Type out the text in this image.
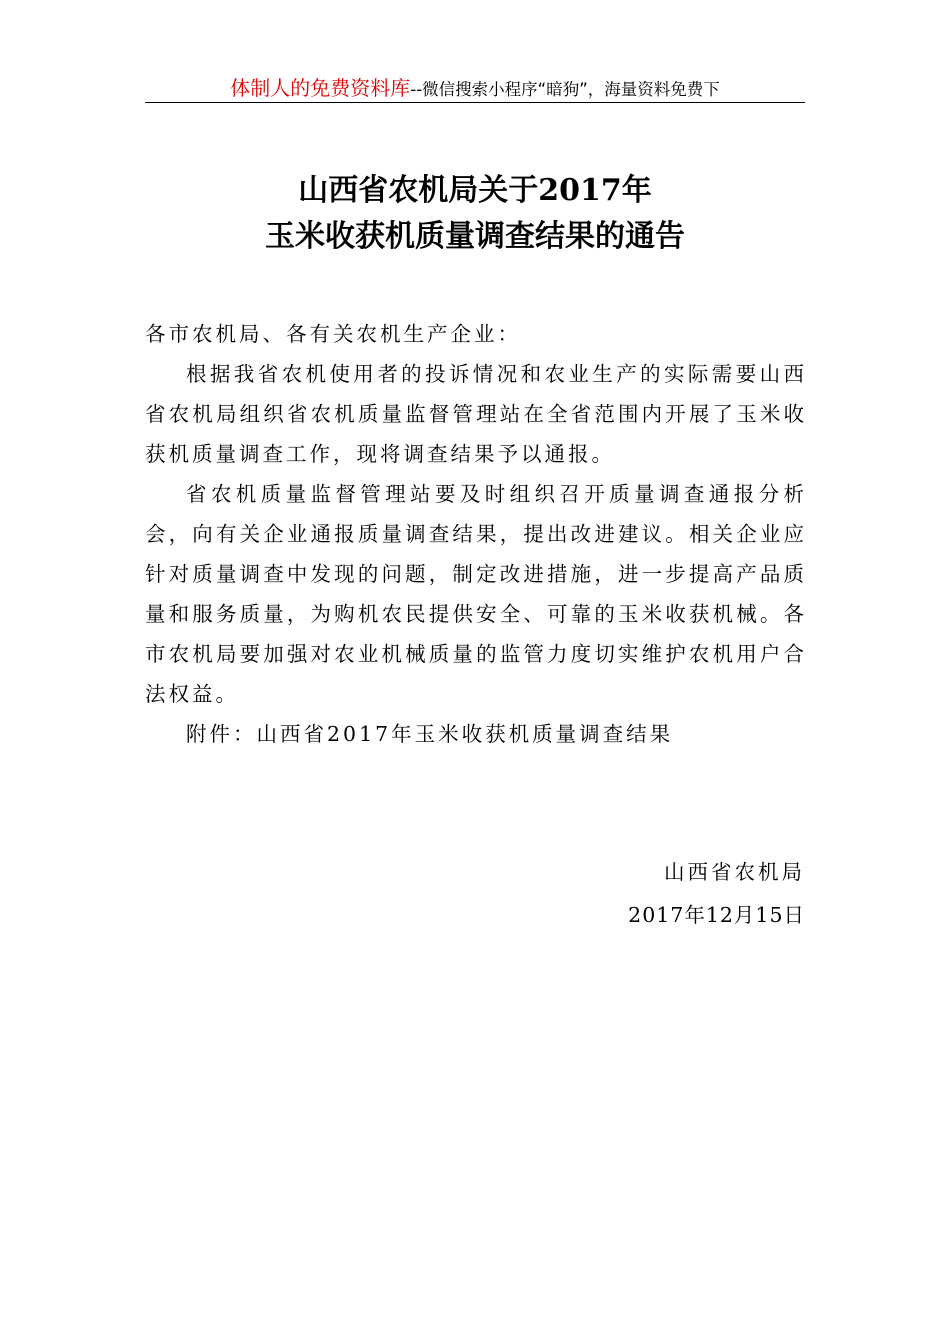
体制人的免费资料库--微信搜索小程序“暗狗”，海量资料免费下
山西省农机局关于2017年
玉米收获机质量调查结果的通告

各市农机局、各有关农机生产企业：

根据我省农机使用者的投诉情况和农业生产的实际需要山西省农机局组织省农机质量监督管理站在全省范围内开展了玉米收获机质量调查工作，现将调查结果予以通报。

省农机质量监督管理站要及时组织召开质量调查通报分析会，向有关企业通报质量调查结果，提出改进建议。相关企业应针对质量调查中发现的问题，制定改进措施，进一步提高产品质量和服务质量，为购机农民提供安全、可靠的玉米收获机械。各市农机局要加强对农业机械质量的监管力度切实维护农机用户合法权益。

附件：山西省2017年玉米收获机质量调查结果

山西省农机局
2017年12月15日
